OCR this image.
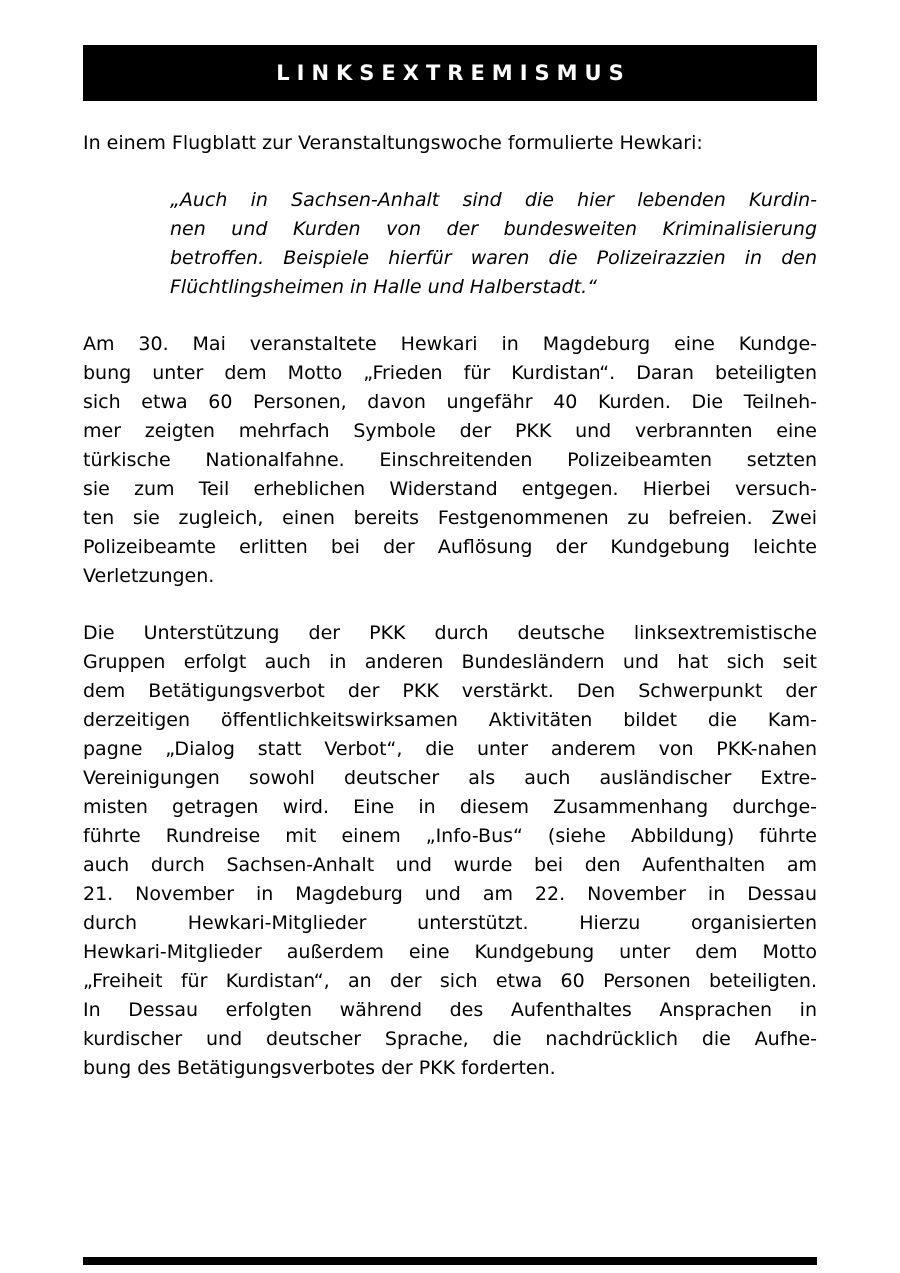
LINKSEXTREMISMUS

In einem Flugblatt zur Veranstaltungswoche formulierte Hewkari:

„Auch in Sachsen-Anhalt sind die hier lebenden Kurdin-
nen und Kurden von der bundesweiten Kriminalisierung
betroffen. Beispiele hierfür waren die Polizeirazzien in den
Flüchtlingsheimen in Halle und Halberstadt.“
Am 30. Mai veranstaltete Hewkari in Magdeburg eine Kundge-
bung unter dem Motto „Frieden für Kurdistan“. Daran beteiligten
sich etwa 60 Personen, davon ungefähr 40 Kurden. Die Teilneh-
mer zeigten mehrfach Symbole der PKK und verbrannten eine
türkische Nationalfahne. Einschreitenden Polizeibeamten setzten
sie zum Teil erheblichen Widerstand entgegen. Hierbei versuch-
ten sie zugleich, einen bereits Festgenommenen zu befreien. Zwei
Polizeibeamte erlitten bei der Auflösung der Kundgebung leichte
Verletzungen.
Die Unterstützung der PKK durch deutsche linksextremistische
Gruppen erfolgt auch in anderen Bundesländern und hat sich seit
dem Betätigungsverbot der PKK verstärkt. Den Schwerpunkt der
derzeitigen öffentlichkeitswirksamen Aktivitäten bildet die Kam-
pagne „Dialog statt Verbot“, die unter anderem von PKK-nahen
Vereinigungen sowohl deutscher als auch ausländischer Extre-
misten getragen wird. Eine in diesem Zusammenhang durchge-
führte Rundreise mit einem „Info-Bus“ (siehe Abbildung) führte
auch durch Sachsen-Anhalt und wurde bei den Aufenthalten am
21. November in Magdeburg und am 22. November in Dessau
durch Hewkari-Mitglieder unterstützt. Hierzu organisierten
Hewkari-Mitglieder außerdem eine Kundgebung unter dem Motto
„Freiheit für Kurdistan“, an der sich etwa 60 Personen beteiligten.
In Dessau erfolgten während des Aufenthaltes Ansprachen in
kurdischer und deutscher Sprache, die nachdrücklich die Aufhe-
bung des Betätigungsverbotes der PKK forderten.
